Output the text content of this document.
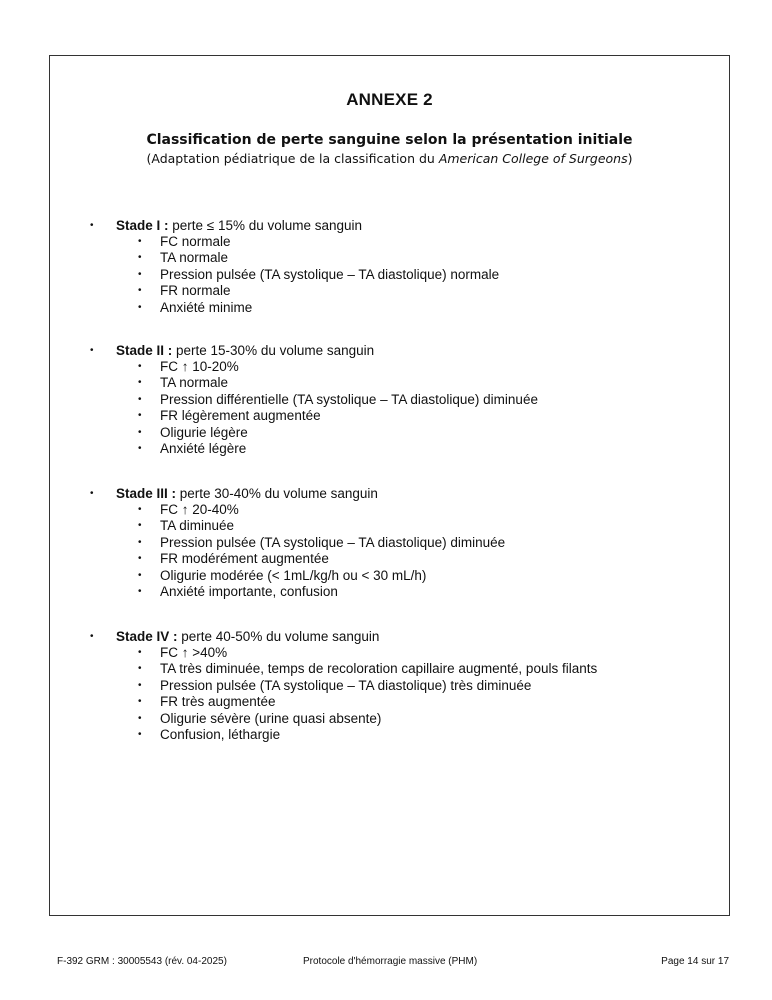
ANNEXE 2
Classification de perte sanguine selon la présentation initiale
(Adaptation pédiatrique de la classification du American College of Surgeons)
• Stade I : perte ≤ 15% du volume sanguin
• FC normale
• TA normale
• Pression pulsée (TA systolique – TA diastolique) normale
• FR normale
• Anxiété minime
• Stade II : perte 15-30% du volume sanguin
• FC ↑ 10-20%
• TA normale
• Pression différentielle (TA systolique – TA diastolique) diminuée
• FR légèrement augmentée
• Oligurie légère
• Anxiété légère
• Stade III : perte 30-40% du volume sanguin
• FC ↑ 20-40%
• TA diminuée
• Pression pulsée (TA systolique – TA diastolique) diminuée
• FR modérément augmentée
• Oligurie modérée (< 1mL/kg/h ou < 30 mL/h)
• Anxiété importante, confusion
• Stade IV : perte 40-50% du volume sanguin
• FC ↑ >40%
• TA très diminuée, temps de recoloration capillaire augmenté, pouls filants
• Pression pulsée (TA systolique – TA diastolique) très diminuée
• FR très augmentée
• Oligurie sévère (urine quasi absente)
• Confusion, léthargie
F-392 GRM : 30005543 (rév. 04-2025)	Protocole d'hémorragie massive (PHM)	Page 14 sur 17
